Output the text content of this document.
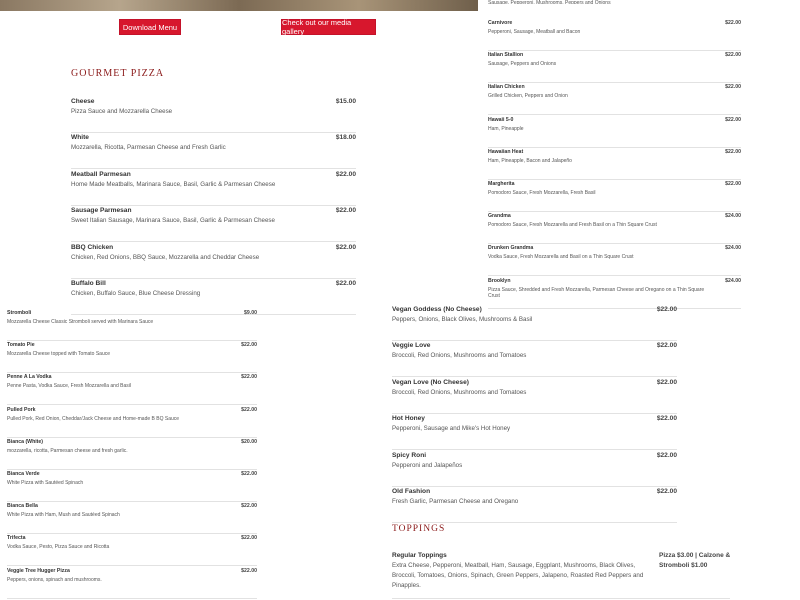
Sausage, Pepperoni, Mushrooms, Peppers and Onions
Download Menu	Check out our media gallery
GOURMET PIZZA
Cheese
Pizza Sauce and Mozzarella Cheese
$15.00
White
Mozzarella, Ricotta, Parmesan Cheese and Fresh Garlic
$18.00
Meatball Parmesan
Home Made Meatballs, Marinara Sauce, Basil, Garlic & Parmesan Cheese
$22.00
Sausage Parmesan
Sweet Italian Sausage, Marinara Sauce, Basil, Garlic & Parmesan Cheese
$22.00
BBQ Chicken
Chicken, Red Onions, BBQ Sauce, Mozzarella and Cheddar Cheese
$22.00
Buffalo Bill
Chicken, Buffalo Sauce, Blue Cheese Dressing
$22.00
Stromboli
Mozzarella Cheese Classic Stromboli served with Marinara Sauce
$9.00
Tomato Pie
Mozzarella Cheese topped with Tomato Sauce
$22.00
Penne A La Vodka
Penne Pasta, Vodka Sauce, Fresh Mozzarella and Basil
$22.00
Pulled Pork
Pulled Pork, Red Onion, Cheddar/Jack Cheese and Home-made B BQ Sauce
$22.00
Bianca (White)
mozzarella, ricotta, Parmesan cheese and fresh garlic.
$20.00
Bianca Verde
White Pizza with Sautéed Spinach
$22.00
Bianca Bella
White Pizza with Ham, Mush and Sautéed Spinach
$22.00
Trifecta
Vodka Sauce, Pesto, Pizza Sauce and Ricotta
$22.00
Veggie Tree Hugger Pizza
Peppers, onions, spinach and mushrooms.
$22.00
Carnivore
Pepperoni, Sausage, Meatball and Bacon
$22.00
Italian Stallion
Sausage, Peppers and Onions
$22.00
Italian Chicken
Grilled Chicken, Peppers and Onion
$22.00
Hawaii 5-0
Ham, Pineapple
$22.00
Hawaiian Heat
Ham, Pineapple, Bacon and Jalapeño
$22.00
Margherita
Pomodoro Sauce, Fresh Mozzarella, Fresh Basil
$22.00
Grandma
Pomodoro Sauce, Fresh Mozzarella and Fresh Basil on a Thin Square Crust
$24.00
Drunken Grandma
Vodka Sauce, Fresh Mozzarella and Basil on a Thin Square Crust
$24.00
Brooklyn
Pizza Sauce, Shredded and Fresh Mozzarella, Parmesan Cheese and Oregano on a Thin Square Crust
$24.00
Vegan Goddess (No Cheese)
Peppers, Onions, Black Olives, Mushrooms & Basil
$22.00
Veggie Love
Broccoli, Red Onions, Mushrooms and Tomatoes
$22.00
Vegan Love (No Cheese)
Broccoli, Red Onions, Mushrooms and Tomatoes
$22.00
Hot Honey
Pepperoni, Sausage and Mike's Hot Honey
$22.00
Spicy Roni
Pepperoni and Jalapeños
$22.00
Old Fashion
Fresh Garlic, Parmesan Cheese and Oregano
$22.00
TOPPINGS
Regular Toppings
Extra Cheese, Pepperoni, Meatball, Ham, Sausage, Eggplant, Mushrooms, Black Olives,
Broccoli, Tomatoes, Onions, Spinach, Green Peppers, Jalapeno, Roasted Red Peppers and
Pinapples.
Pizza $3.00 | Calzone &
Stromboli $1.00
